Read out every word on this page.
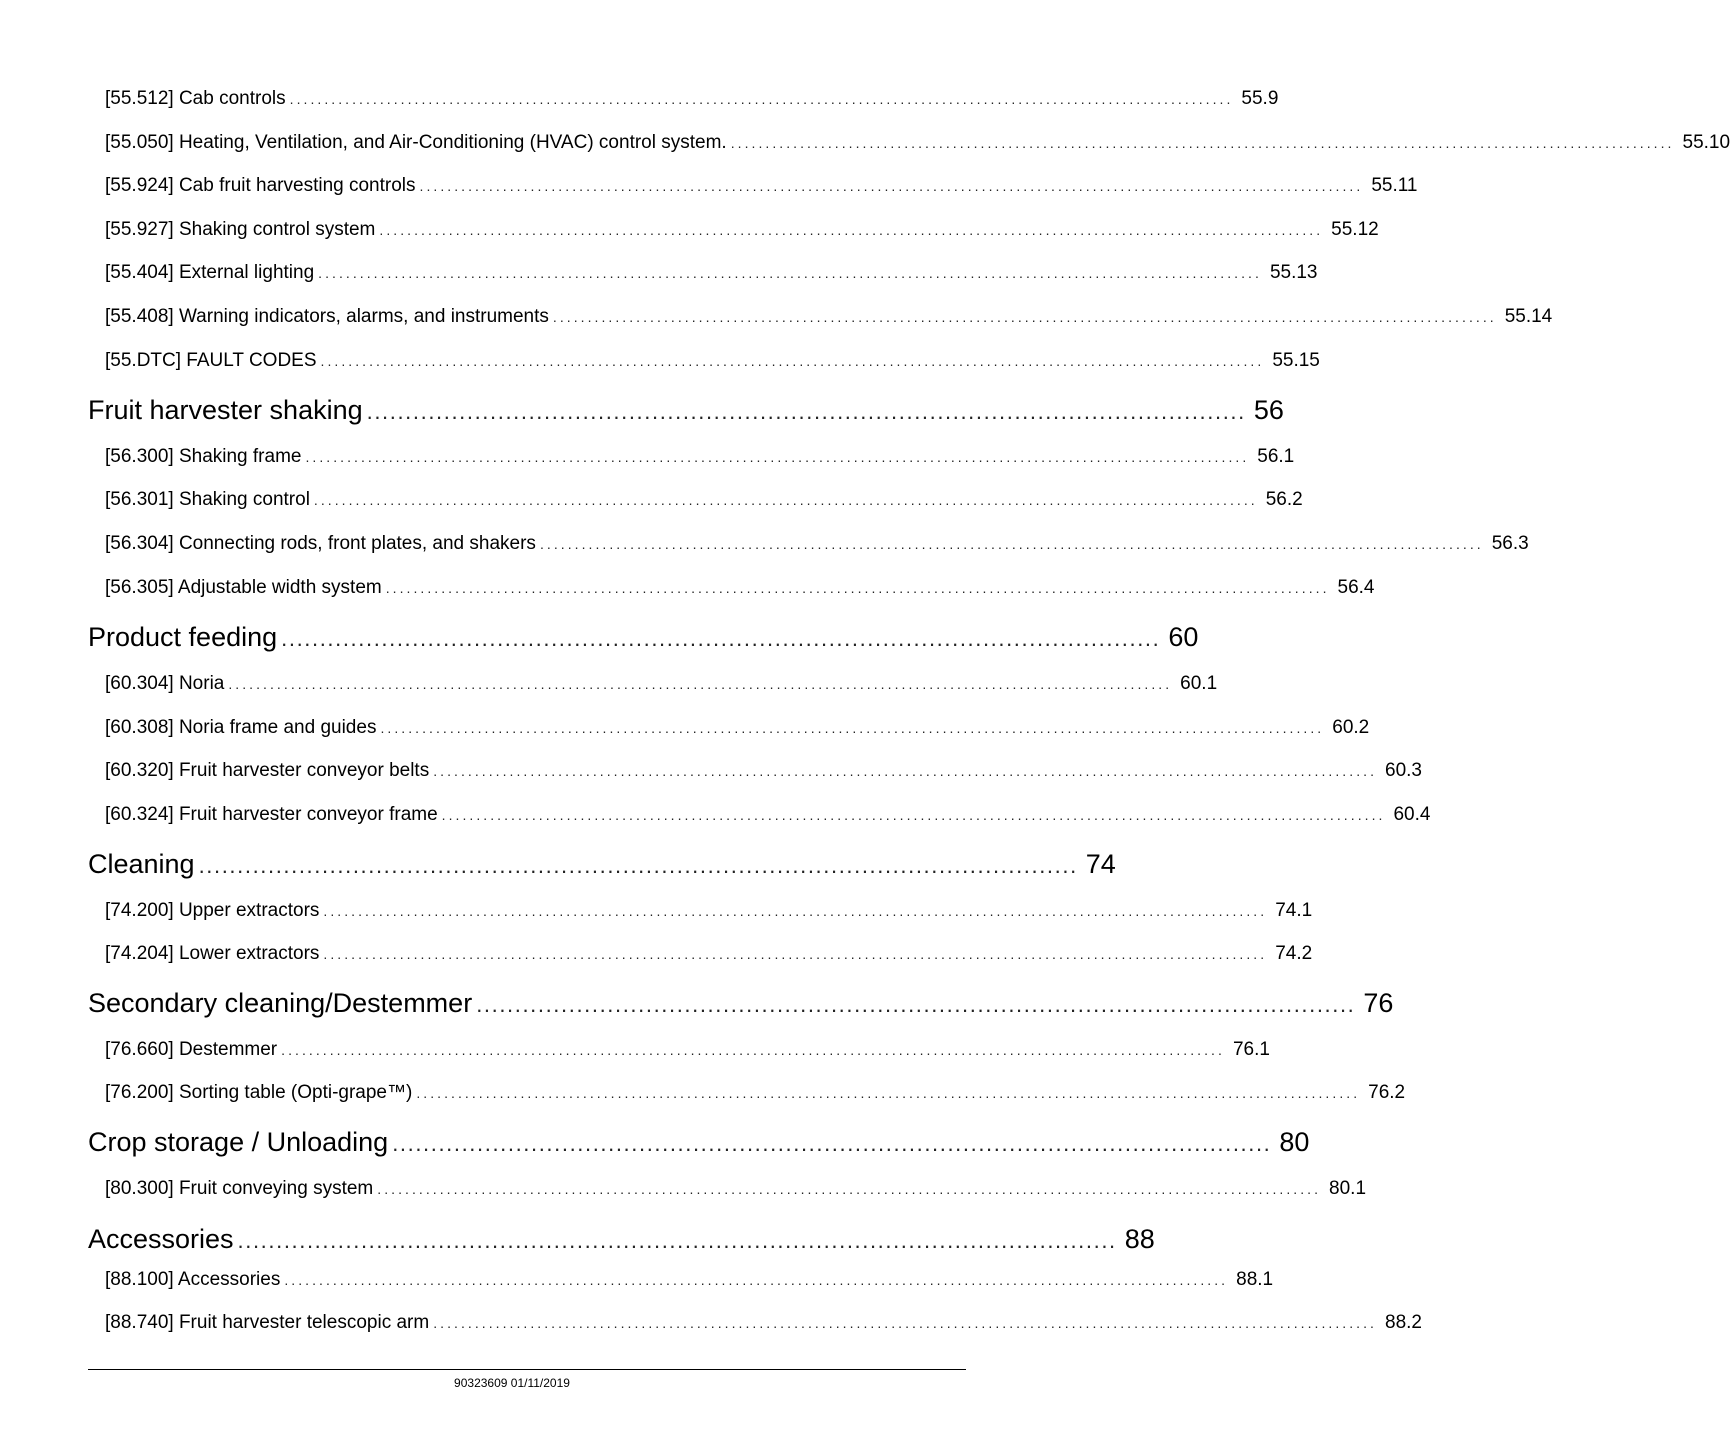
[55.512] Cab controls ........................................................................................................................................ 55.9
[55.050] Heating, Ventilation, and Air-Conditioning (HVAC) control system. ........................................................................................................................................ 55.10
[55.924] Cab fruit harvesting controls ........................................................................................................................................ 55.11
[55.927] Shaking control system ........................................................................................................................................ 55.12
[55.404] External lighting ........................................................................................................................................ 55.13
[55.408] Warning indicators, alarms, and instruments ........................................................................................................................................ 55.14
[55.DTC] FAULT CODES ........................................................................................................................................ 55.15
Fruit harvester shaking .................................................................................................................. 56
[56.300] Shaking frame ........................................................................................................................................ 56.1
[56.301] Shaking control ........................................................................................................................................ 56.2
[56.304] Connecting rods, front plates, and shakers ........................................................................................................................................ 56.3
[56.305] Adjustable width system ........................................................................................................................................ 56.4
Product feeding .................................................................................................................. 60
[60.304] Noria ........................................................................................................................................ 60.1
[60.308] Noria frame and guides ........................................................................................................................................ 60.2
[60.320] Fruit harvester conveyor belts ........................................................................................................................................ 60.3
[60.324] Fruit harvester conveyor frame ........................................................................................................................................ 60.4
Cleaning .................................................................................................................. 74
[74.200] Upper extractors ........................................................................................................................................ 74.1
[74.204] Lower extractors ........................................................................................................................................ 74.2
Secondary cleaning/Destemmer .................................................................................................................. 76
[76.660] Destemmer ........................................................................................................................................ 76.1
[76.200] Sorting table (Opti-grape™) ........................................................................................................................................ 76.2
Crop storage / Unloading .................................................................................................................. 80
[80.300] Fruit conveying system ........................................................................................................................................ 80.1
Accessories .................................................................................................................. 88
[88.100] Accessories ........................................................................................................................................ 88.1
[88.740] Fruit harvester telescopic arm ........................................................................................................................................ 88.2
90323609 01/11/2019
